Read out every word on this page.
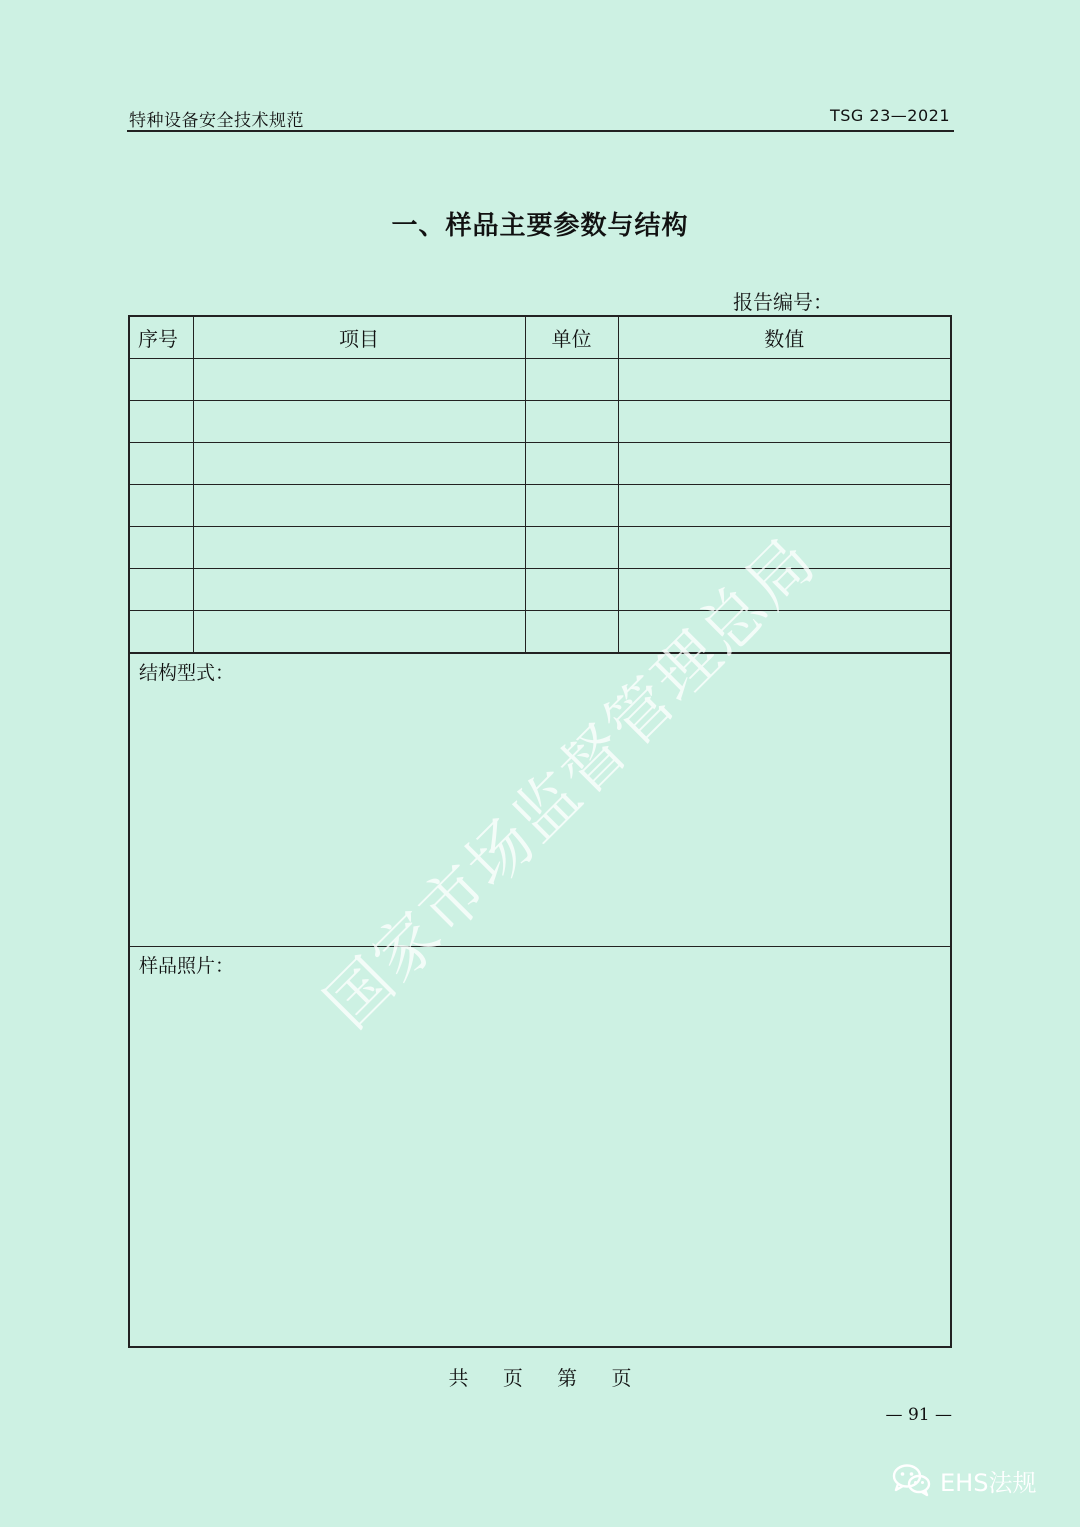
特种设备安全技术规范	TSG 23—2021
一、样品主要参数与结构
报告编号：
序号	项目	单位	数值

结构型式：
样品照片：
共 页 第 页
— 91 —
国家市场监督管理总局
EHS法规
